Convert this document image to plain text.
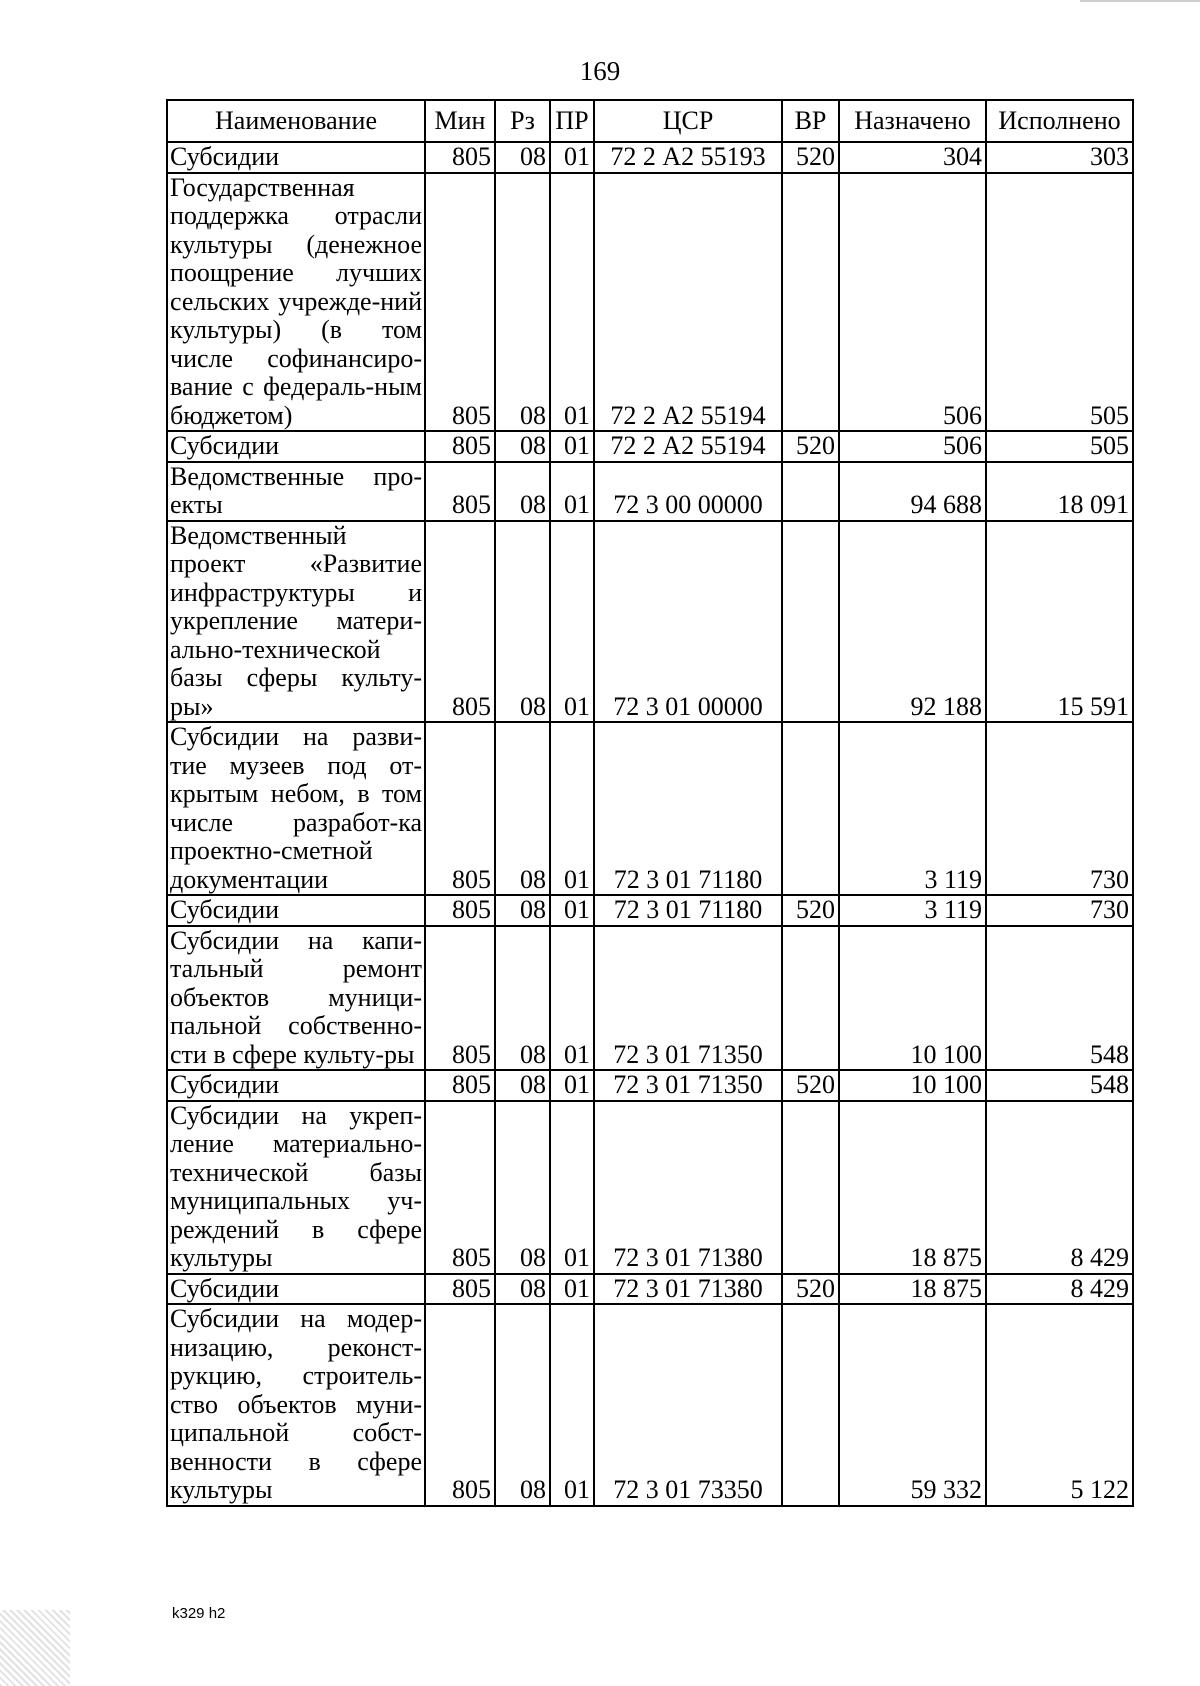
169
Наименование	Мин	Рз	ПР	ЦСР	ВР	Назначено	Исполнено
Субсидии	805	08	01	72 2 А2 55193	520	304	303
Государственная поддержка отрасли культуры (денежное поощрение лучших сельских учрежде-ний культуры) (в том числе софинансиро-вание с федераль-ным бюджетом)	805	08	01	72 2 А2 55194		506	505
Субсидии	805	08	01	72 2 А2 55194	520	506	505
Ведомственные про-екты	805	08	01	72 3 00 00000		94 688	18 091
Ведомственный проект «Развитие инфраструктуры и укрепление матери-ально-технической базы сферы культу-ры»	805	08	01	72 3 01 00000		92 188	15 591
Субсидии на разви-тие музеев под от-крытым небом, в том числе разработ-ка проектно-сметной документации	805	08	01	72 3 01 71180		3 119	730
Субсидии	805	08	01	72 3 01 71180	520	3 119	730
Субсидии на капи-тальный ремонт объектов муници-пальной собственно-сти в сфере культу-ры	805	08	01	72 3 01 71350		10 100	548
Субсидии	805	08	01	72 3 01 71350	520	10 100	548
Субсидии на укреп-ление материально-технической базы муниципальных уч-реждений в сфере культуры	805	08	01	72 3 01 71380		18 875	8 429
Субсидии	805	08	01	72 3 01 71380	520	18 875	8 429
Субсидии на модер-низацию, реконст-рукцию, строитель-ство объектов муни-ципальной собст-венности в сфере культуры	805	08	01	72 3 01 73350		59 332	5 122
k329 h2
